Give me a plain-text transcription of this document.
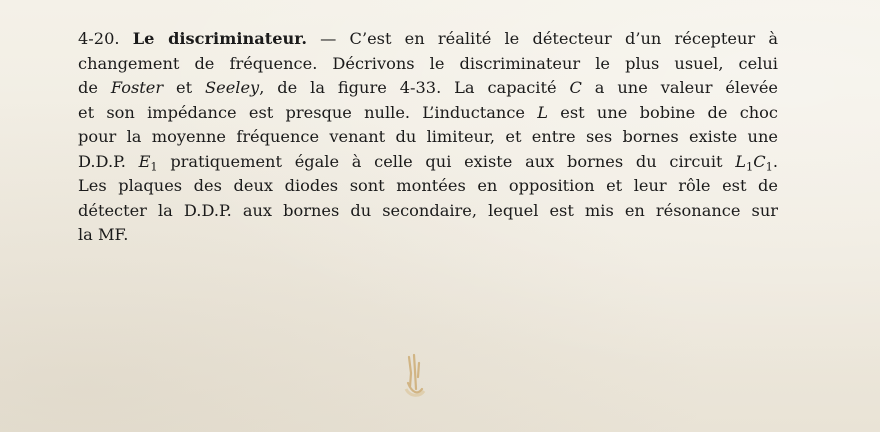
4-20. Le discriminateur. — C’est en réalité le détecteur d’un récepteur à
changement de fréquence. Décrivons le discriminateur le plus usuel, celui
de Foster et Seeley, de la figure 4-33. La capacité C a une valeur élevée
et son impédance est presque nulle. L’inductance L est une bobine de choc
pour la moyenne fréquence venant du limiteur, et entre ses bornes existe une
D.D.P. $E_1$ pratiquement égale à celle qui existe aux bornes du circuit $L_1C_1$.
Les plaques des deux diodes sont montées en opposition et leur rôle est de
détecter la D.D.P. aux bornes du secondaire, lequel est mis en résonance sur
la MF.
